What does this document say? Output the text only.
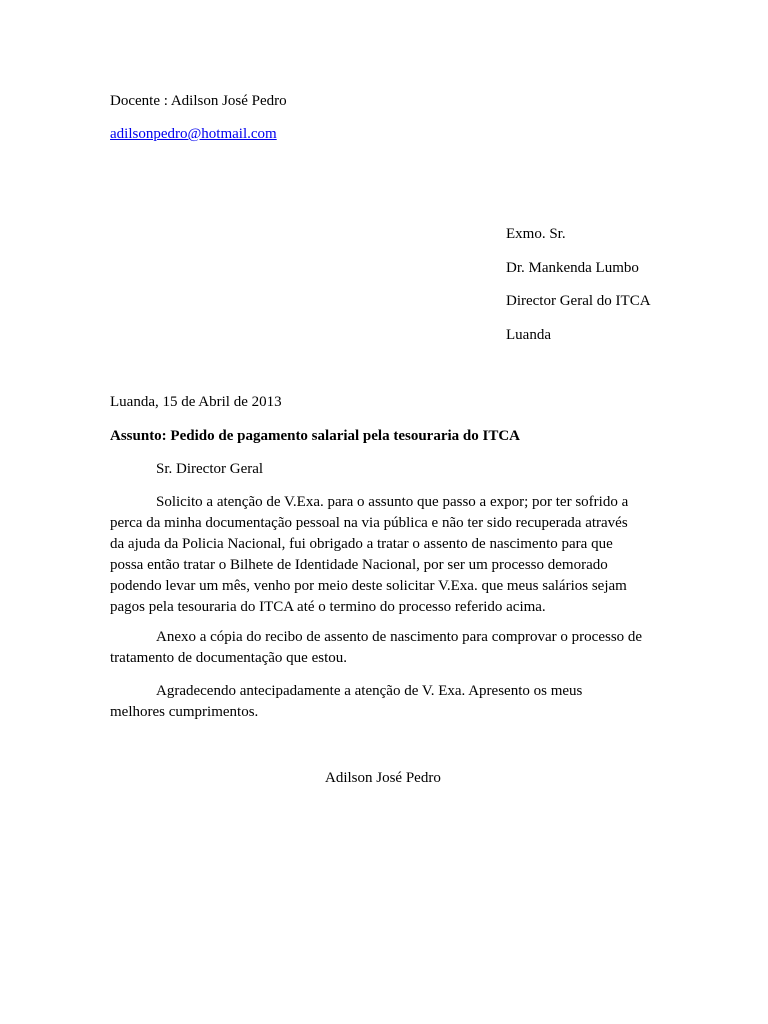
Docente : Adilson José Pedro
adilsonpedro@hotmail.com
Exmo. Sr.
Dr. Mankenda Lumbo
Director Geral do ITCA
Luanda
Luanda, 15 de Abril de 2013
Assunto: Pedido de pagamento salarial pela tesouraria do ITCA
Sr. Director Geral
Solicito a atenção de V.Exa. para o assunto que passo a expor; por ter sofrido a
perca da minha documentação pessoal na via pública e não ter sido recuperada através
da ajuda da Policia Nacional, fui obrigado a tratar o assento de nascimento para que
possa então tratar o Bilhete de Identidade Nacional, por ser um processo demorado
podendo levar um mês, venho por meio deste solicitar V.Exa. que meus salários sejam
pagos pela tesouraria do ITCA até o termino do processo referido acima.
Anexo a cópia do recibo de assento de nascimento para comprovar o processo de
tratamento de documentação que estou.
Agradecendo antecipadamente a atenção de V. Exa. Apresento os meus
melhores cumprimentos.
Adilson José Pedro
